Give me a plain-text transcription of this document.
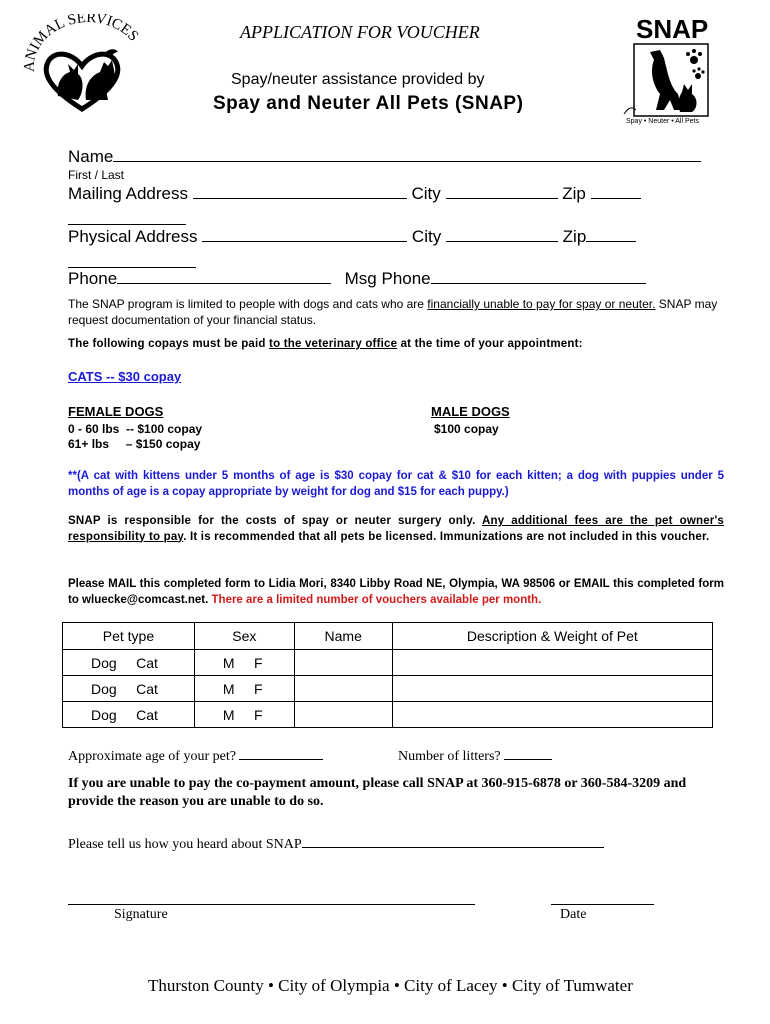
ANIMAL SERVICES	SNAP
Spay • Neuter • All Pets
APPLICATION FOR VOUCHER
Spay/neuter assistance provided by
Spay and Neuter All Pets (SNAP)
Name
First / Last
Mailing Address	City	Zip
Physical Address	City	Zip
Phone	Msg Phone

The SNAP program is limited to people with dogs and cats who are financially unable to pay for spay or neuter. SNAP may request documentation of your financial status.

The following copays must be paid to the veterinary office at the time of your appointment:

CATS -- $30 copay
FEMALE DOGS
0 - 60 lbs  -- $100 copay
61+ lbs     – $150 copay
MALE DOGS
$100 copay

**(A cat with kittens under 5 months of age is $30 copay for cat & $10 for each kitten; a dog with puppies under 5 months of age is a copay appropriate by weight for dog and $15 for each puppy.)

SNAP is responsible for the costs of spay or neuter surgery only. Any additional fees are the pet owner's responsibility to pay. It is recommended that all pets be licensed. Immunizations are not included in this voucher.

Please MAIL this completed form to Lidia Mori, 8340 Libby Road NE, Olympia, WA 98506 or EMAIL this completed form to wluecke@comcast.net. There are a limited number of vouchers available per month.

Pet type	Sex	Name	Description & Weight of Pet
Dog     Cat	M     F		
Dog     Cat	M     F		
Dog     Cat	M     F		
Approximate age of your pet?	Number of litters?

If you are unable to pay the co-payment amount, please call SNAP at 360-915-6878 or 360-584-3209 and provide the reason you are unable to do so.

Please tell us how you heard about SNAP
Signature	Date
Thurston County • City of Olympia • City of Lacey • City of Tumwater
